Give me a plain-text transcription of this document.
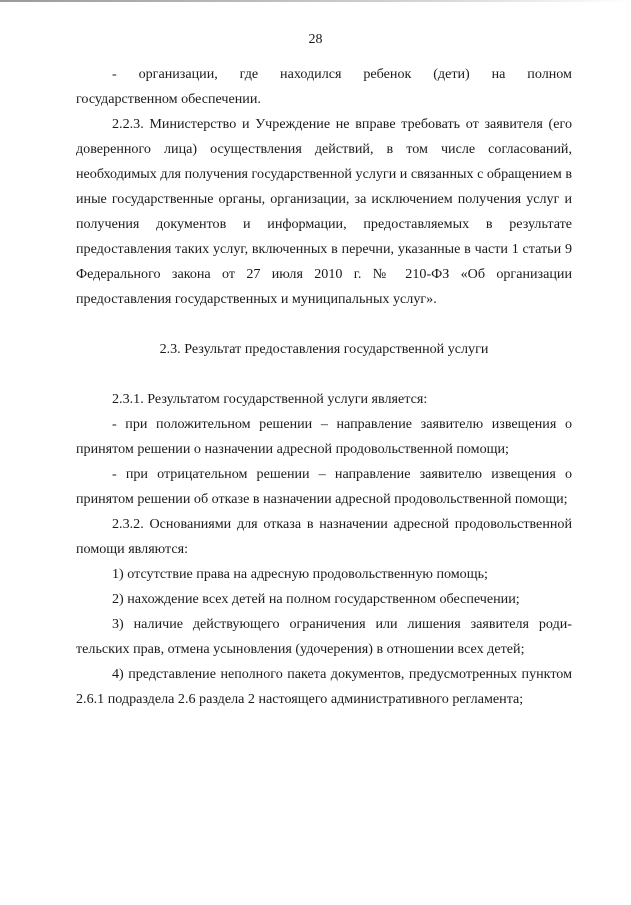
28
- организации, где находился ребенок (дети) на полном

государственном обеспечении.

2.2.3. Министерство и Учреждение не вправе требовать от заявителя (его доверенного лица) осуществления действий, в том числе согласований, необходимых для получения государственной услуги и связанных с обращением в иные государственные органы, организации, за исключением получения услуг и получения документов и информации, предоставляемых в результате предоставления таких услуг, включенных в перечни, указанные в части 1 статьи 9 Федерального закона от 27 июля 2010 г. № 210-ФЗ «Об организации предоставления государственных и муниципальных услуг».

2.3. Результат предоставления государственной услуги

2.3.1. Результатом государственной услуги является:

- при положительном решении – направление заявителю извещения о принятом решении о назначении адресной продовольственной помощи;

- при отрицательном решении – направление заявителю извещения о принятом решении об отказе в назначении адресной продовольственной помощи;

2.3.2. Основаниями для отказа в назначении адресной продовольственной помощи являются:

1) отсутствие права на адресную продовольственную помощь;

2) нахождение всех детей на полном государственном обеспечении;

3) наличие действующего ограничения или лишения заявителя родительских прав, отмена усыновления (удочерения) в отношении всех детей;

4) представление неполного пакета документов, предусмотренных пунктом 2.6.1 подраздела 2.6 раздела 2 настоящего административного регламента;
